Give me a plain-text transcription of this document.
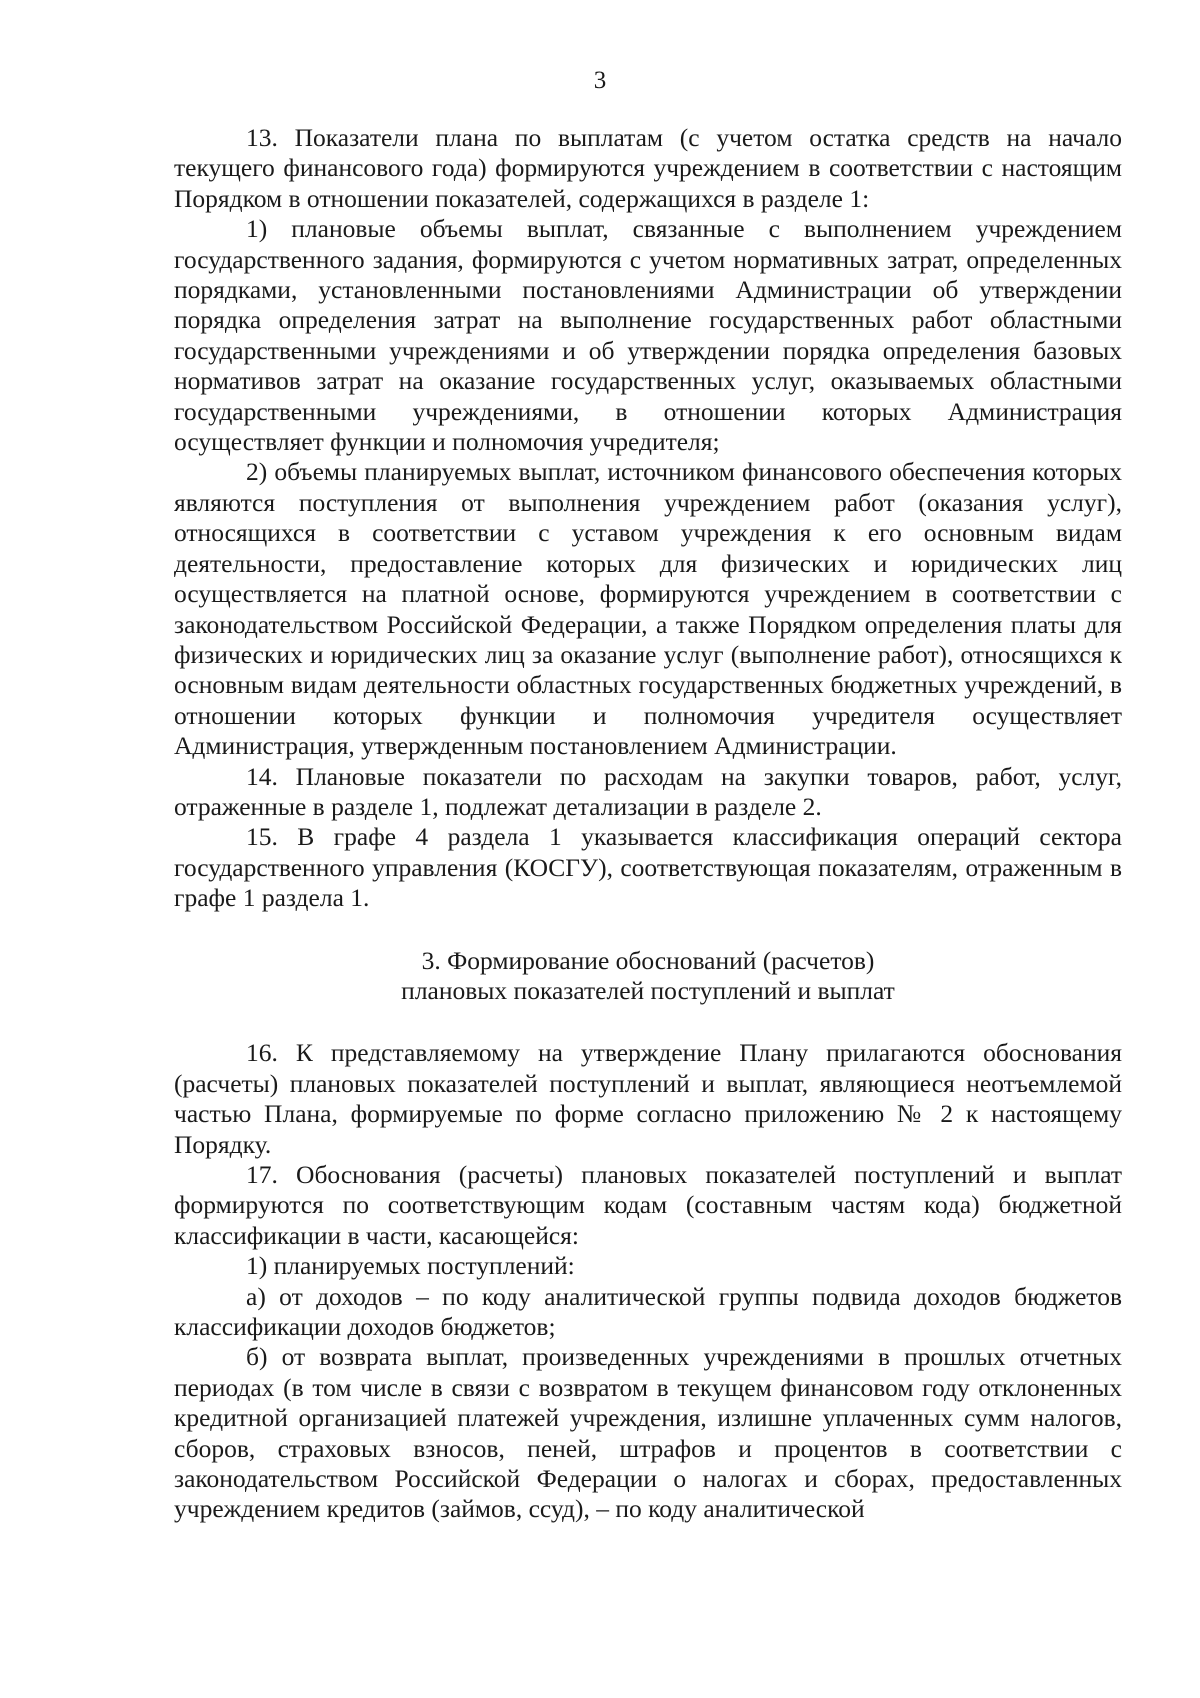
3

13. Показатели плана по выплатам (с учетом остатка средств на начало текущего финансового года) формируются учреждением в соответствии с настоящим Порядком в отношении показателей, содержащихся в разделе 1:

1) плановые объемы выплат, связанные с выполнением учреждением государственного задания, формируются с учетом нормативных затрат, определенных порядками, установленными постановлениями Администрации об утверждении порядка определения затрат на выполнение государственных работ областными государственными учреждениями и об утверждении порядка определения базовых нормативов затрат на оказание государственных услуг, оказываемых областными государственными учреждениями, в отношении которых Администрация осуществляет функции и полномочия учредителя;

2) объемы планируемых выплат, источником финансового обеспечения которых являются поступления от выполнения учреждением работ (оказания услуг), относящихся в соответствии с уставом учреждения к его основным видам деятельности, предоставление которых для физических и юридических лиц осуществляется на платной основе, формируются учреждением в соответствии с законодательством Российской Федерации, а также Порядком определения платы для физических и юридических лиц за оказание услуг (выполнение работ), относящихся к основным видам деятельности областных государственных бюджетных учреждений, в отношении которых функции и полномочия учредителя осуществляет Администрация, утвержденным постановлением Администрации.

14. Плановые показатели по расходам на закупки товаров, работ, услуг, отраженные в разделе 1, подлежат детализации в разделе 2.

15. В графе 4 раздела 1 указывается классификация операций сектора государственного управления (КОСГУ), соответствующая показателям, отраженным в графе 1 раздела 1.

3. Формирование обоснований (расчетов)
плановых показателей поступлений и выплат

16. К представляемому на утверждение Плану прилагаются обоснования (расчеты) плановых показателей поступлений и выплат, являющиеся неотъемлемой частью Плана, формируемые по форме согласно приложению № 2 к настоящему Порядку.

17. Обоснования (расчеты) плановых показателей поступлений и выплат формируются по соответствующим кодам (составным частям кода) бюджетной классификации в части, касающейся:

1) планируемых поступлений:

а) от доходов – по коду аналитической группы подвида доходов бюджетов классификации доходов бюджетов;

б) от возврата выплат, произведенных учреждениями в прошлых отчетных периодах (в том числе в связи с возвратом в текущем финансовом году отклоненных кредитной организацией платежей учреждения, излишне уплаченных сумм налогов, сборов, страховых взносов, пеней, штрафов и процентов в соответствии с законодательством Российской Федерации о налогах и сборах, предоставленных учреждением кредитов (займов, ссуд), – по коду аналитической
